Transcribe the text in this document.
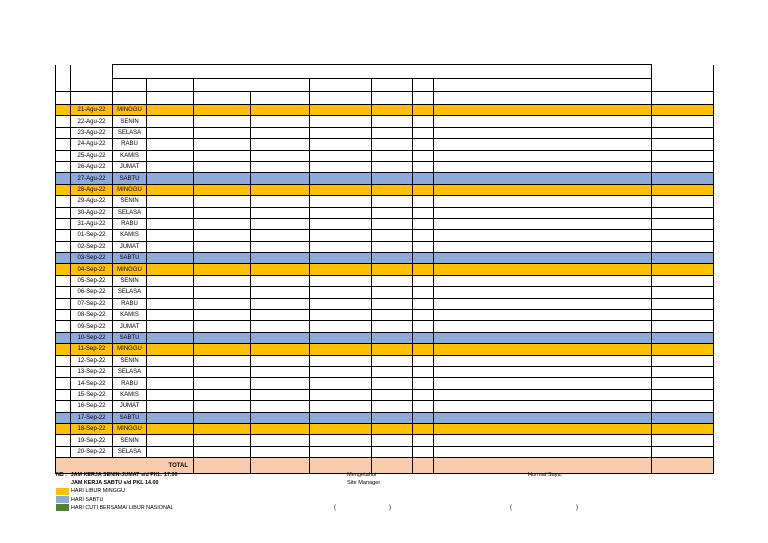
	21-Agu-22	MINGGU								
	22-Agu-22	SENIN								
	23-Agu-22	SELASA								
	24-Agu-22	RABU								
	25-Agu-22	KAMIS								
	26-Agu-22	JUMAT								
	27-Agu-22	SABTU								
	28-Agu-22	MINGGU								
	29-Agu-22	SENIN								
	30-Agu-22	SELASA								
	31-Agu-22	RABU								
	01-Sep-22	KAMIS								
	02-Sep-22	JUMAT								
	03-Sep-22	SABTU								
	04-Sep-22	MINGGU								
	05-Sep-22	SENIN								
	06-Sep-22	SELASA								
	07-Sep-22	RABU								
	08-Sep-22	KAMIS								
	09-Sep-22	JUMAT								
	10-Sep-22	SABTU								
	11-Sep-22	MINGGU								
	12-Sep-22	SENIN								
	13-Sep-22	SELASA								
	14-Sep-22	RABU								
	15-Sep-22	KAMIS								
	16-Sep-22	JUMAT								
	17-Sep-22	SABTU								
	18-Sep-22	MINGGU								
	19-Sep-22	SENIN								
	20-Sep-22	SELASA								
TOTAL										
NB : JAM KERJA SENIN-JUMAT s/d PKL. 17.00
JAM KERJA SABTU s/d PKL 14.00
HARI LIBUR MINGGU
HARI SABTU
HARI CUTI BERSAMA/ LIBUR NASIONAL
Mengetahui
Site Manager
Hormat Saya,
(	)	(	)
